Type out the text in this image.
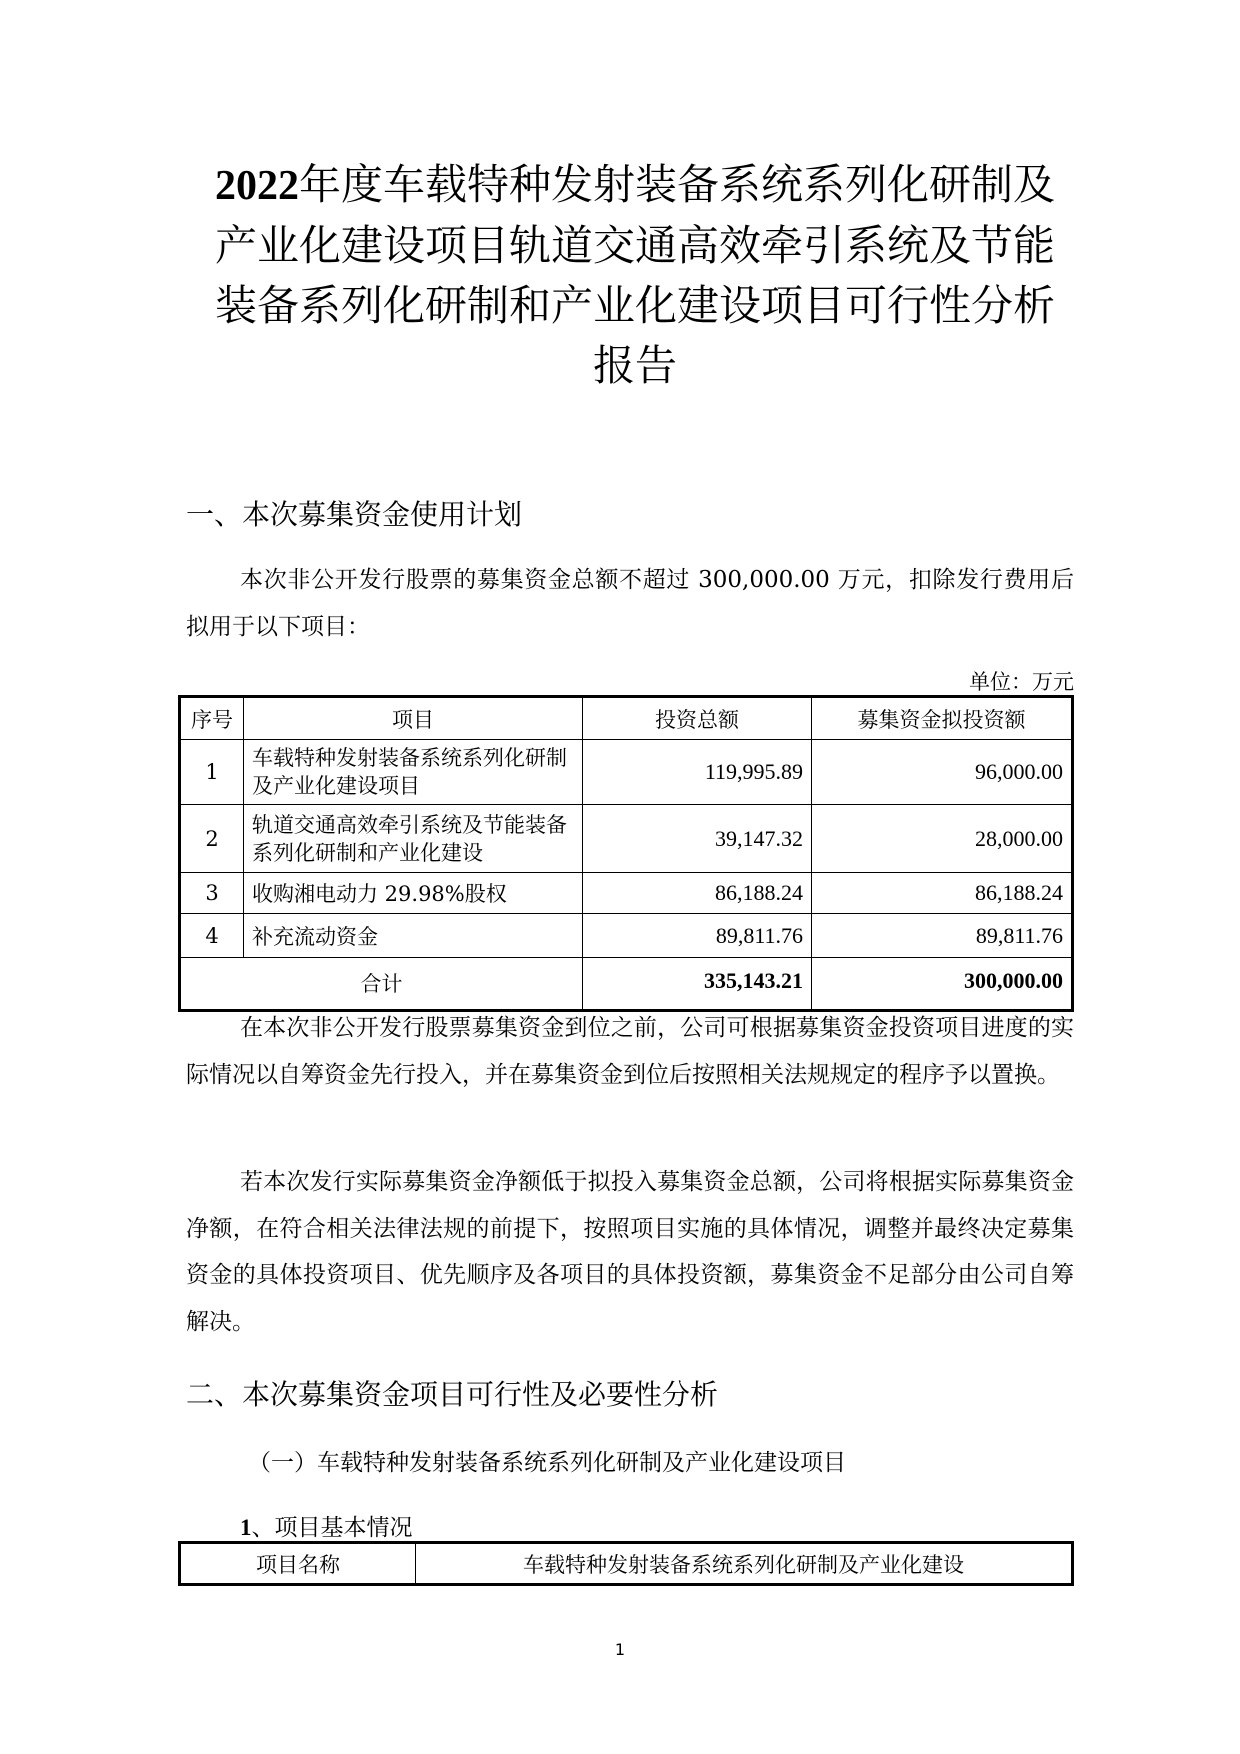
2022年度车载特种发射装备系统系列化研制及产业化建设项目轨道交通高效牵引系统及节能装备系列化研制和产业化建设项目可行性分析报告
一、本次募集资金使用计划
本次非公开发行股票的募集资金总额不超过 300,000.00 万元，扣除发行费用后拟用于以下项目：
单位：万元
序号	项目	投资总额	募集资金拟投资额
1	车载特种发射装备系统系列化研制及产业化建设项目	119,995.89	96,000.00
2	轨道交通高效牵引系统及节能装备系列化研制和产业化建设	39,147.32	28,000.00
3	收购湘电动力 29.98%股权	86,188.24	86,188.24
4	补充流动资金	89,811.76	89,811.76
合计		335,143.21	300,000.00
在本次非公开发行股票募集资金到位之前，公司可根据募集资金投资项目进度的实际情况以自筹资金先行投入，并在募集资金到位后按照相关法规规定的程序予以置换。
若本次发行实际募集资金净额低于拟投入募集资金总额，公司将根据实际募集资金净额，在符合相关法律法规的前提下，按照项目实施的具体情况，调整并最终决定募集资金的具体投资项目、优先顺序及各项目的具体投资额，募集资金不足部分由公司自筹解决。
二、本次募集资金项目可行性及必要性分析
（一）车载特种发射装备系统系列化研制及产业化建设项目
1、项目基本情况
项目名称	车载特种发射装备系统系列化研制及产业化建设
1
